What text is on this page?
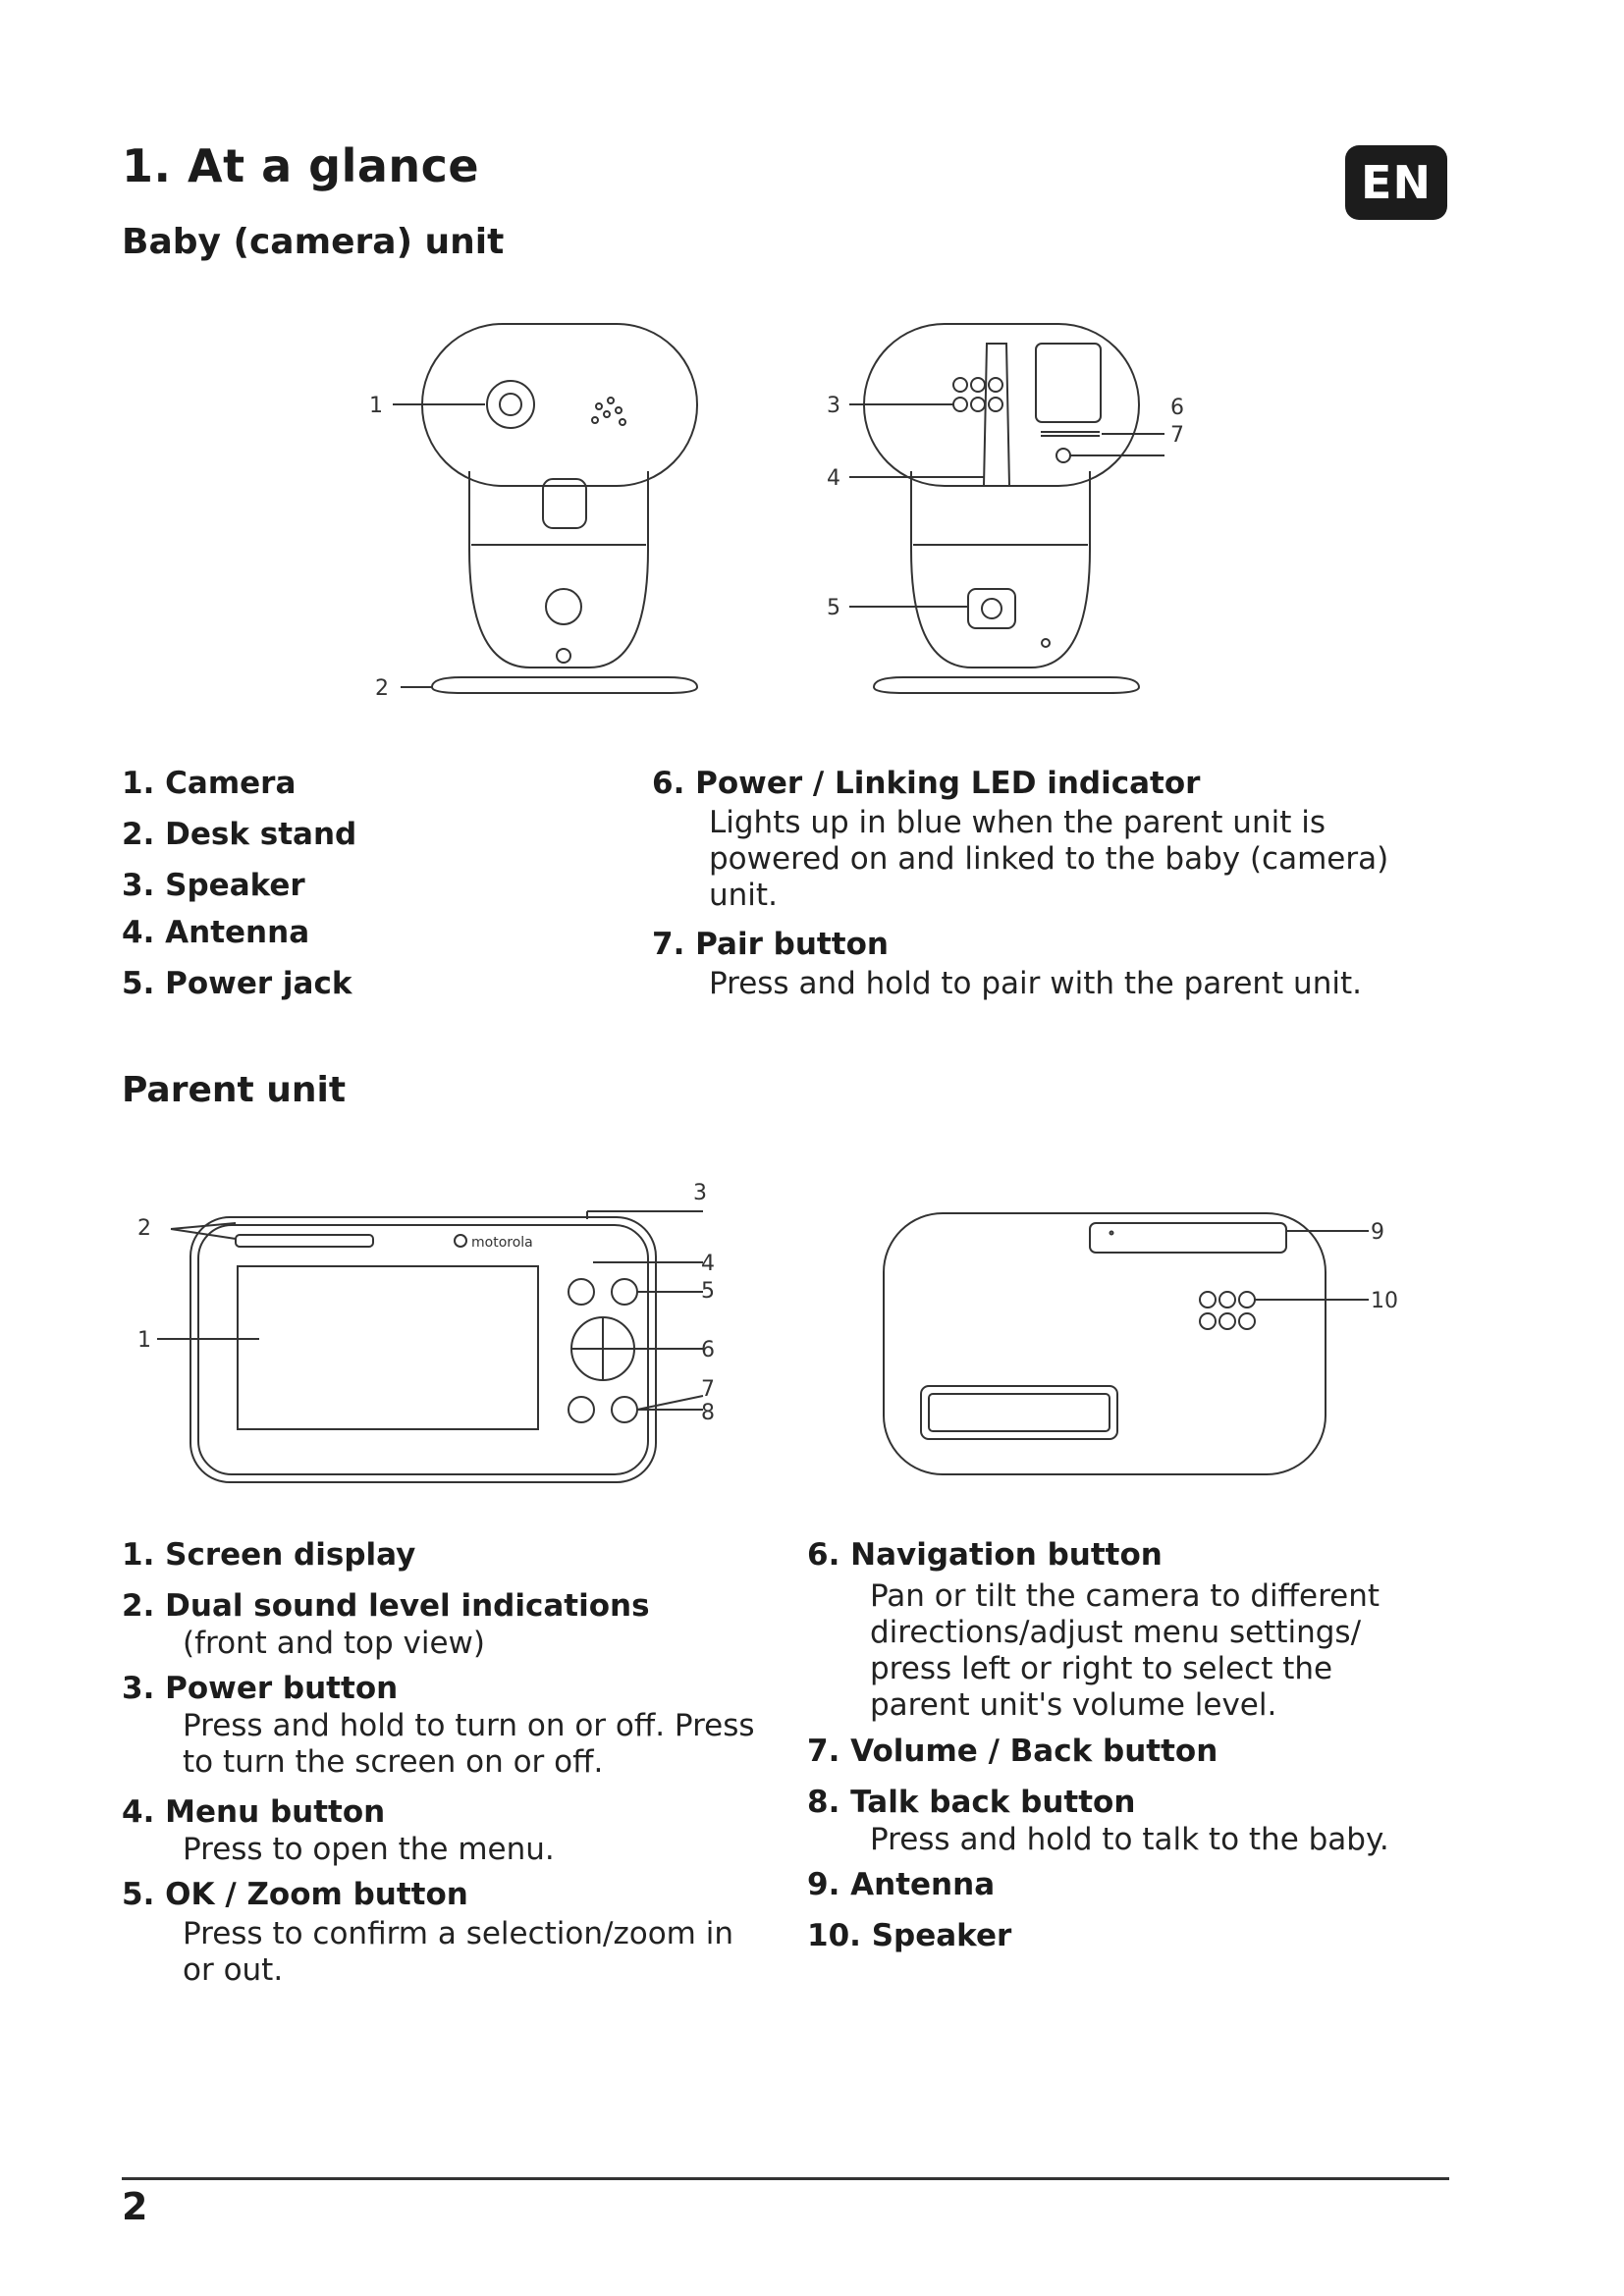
1. At a glance	EN
Baby (camera) unit
1
2
3
4
5
6
7
1. Camera
2. Desk stand
3. Speaker
4. Antenna
5. Power jack
6. Power / Linking LED indicator
Lights up in blue when the parent unit is powered on and linked to the baby (camera) unit.
7. Pair button
Press and hold to pair with the parent unit.
Parent unit
motorola
1
2
3
4
5
6
7
8
9
10
1. Screen display
2. Dual sound level indications
(front and top view)
3. Power button
Press and hold to turn on or off. Press to turn the screen on or off.
4. Menu button
Press to open the menu.
5. OK / Zoom button
Press to confirm a selection/zoom in or out.
6. Navigation button
Pan or tilt the camera to different directions/adjust menu settings/ press left or right to select the parent unit's volume level.
7. Volume / Back button
8. Talk back button
Press and hold to talk to the baby.
9. Antenna
10. Speaker
2
